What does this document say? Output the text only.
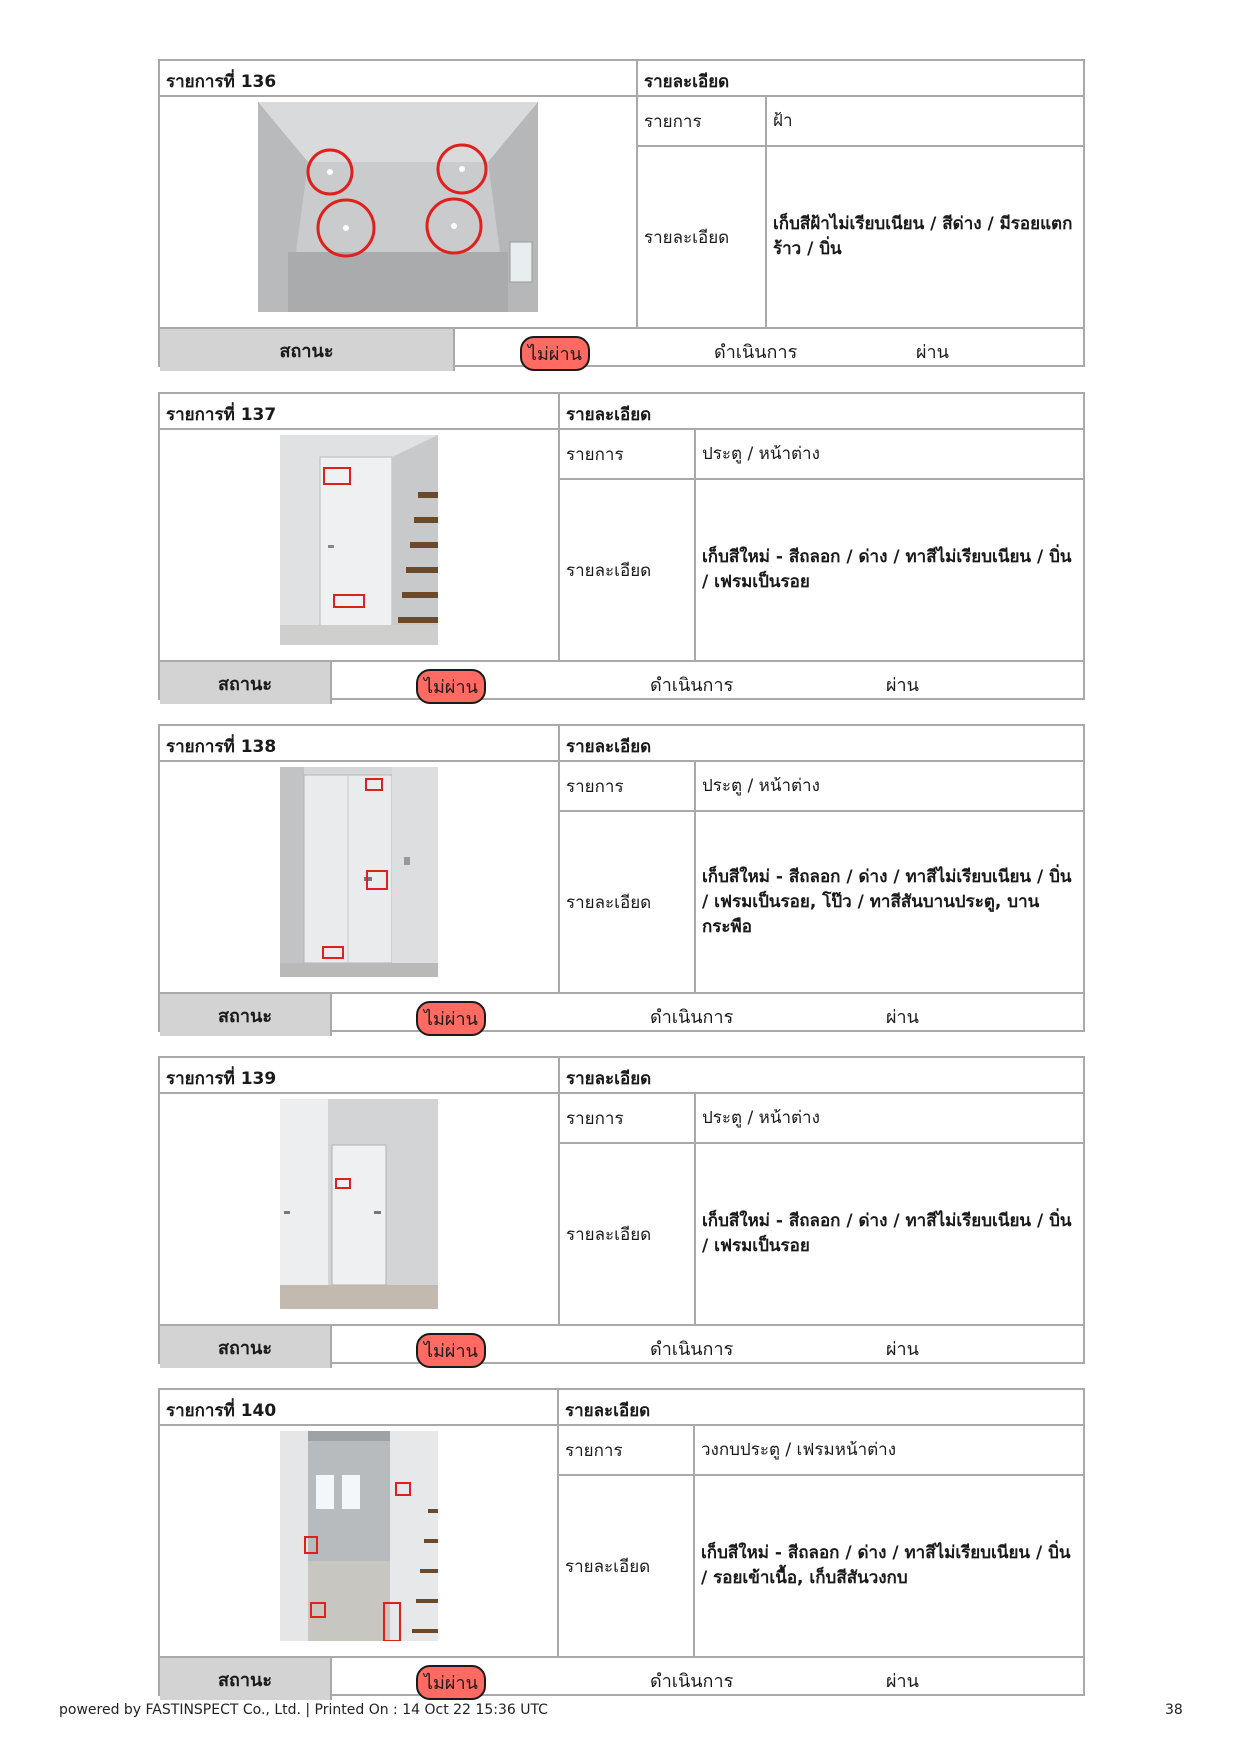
รายการที่ 136	รายละเอียด
รายการ	ฝ้า
รายละเอียด
เก็บสีฝ้าไม่เรียบเนียน / สีด่าง / มีรอยแตกร้าว / บิ่น
สถานะ	ไม่ผ่าน	ดำเนินการ	ผ่าน
รายการที่ 137	รายละเอียด
รายการ	ประตู / หน้าต่าง
รายละเอียด
เก็บสีใหม่ - สีถลอก / ด่าง / ทาสีไม่เรียบเนียน / บิ่น / เฟรมเป็นรอย
สถานะ	ไม่ผ่าน	ดำเนินการ	ผ่าน
รายการที่ 138	รายละเอียด
รายการ	ประตู / หน้าต่าง
รายละเอียด
เก็บสีใหม่ - สีถลอก / ด่าง / ทาสีไม่เรียบเนียน / บิ่น / เฟรมเป็นรอย, โป๊ว / ทาสีสันบานประตู, บานกระพือ
สถานะ	ไม่ผ่าน	ดำเนินการ	ผ่าน
รายการที่ 139	รายละเอียด
รายการ	ประตู / หน้าต่าง
รายละเอียด
เก็บสีใหม่ - สีถลอก / ด่าง / ทาสีไม่เรียบเนียน / บิ่น / เฟรมเป็นรอย
สถานะ	ไม่ผ่าน	ดำเนินการ	ผ่าน
รายการที่ 140	รายละเอียด
รายการ	วงกบประตู / เฟรมหน้าต่าง
รายละเอียด
เก็บสีใหม่ - สีถลอก / ด่าง / ทาสีไม่เรียบเนียน / บิ่น / รอยเข้าเนื้อ, เก็บสีสันวงกบ
สถานะ	ไม่ผ่าน	ดำเนินการ	ผ่าน
powered by FASTINSPECT Co., Ltd. | Printed On : 14 Oct 22 15:36 UTC	38
